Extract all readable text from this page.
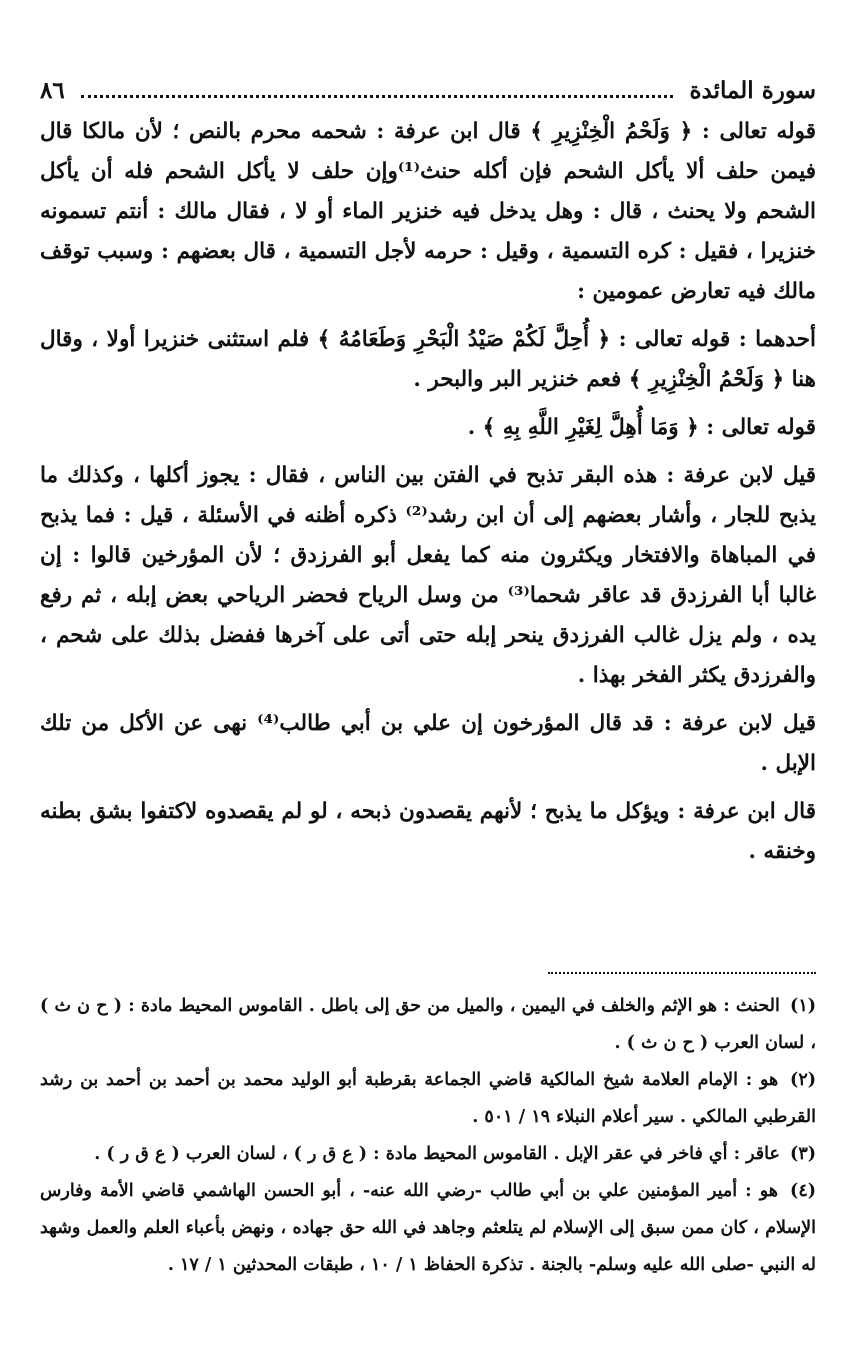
سورة المائدة
٨٦

قوله تعالى : ﴿ وَلَحْمُ الْخِنْزِيرِ ﴾ قال ابن عرفة : شحمه محرم بالنص ؛ لأن مالكا قال فيمن حلف ألا يأكل الشحم فإن أكله حنث⁽¹⁾وإن حلف لا يأكل الشحم فله أن يأكل الشحم ولا يحنث ، قال : وهل يدخل فيه خنزير الماء أو لا ، فقال مالك : أنتم تسمونه خنزيرا ، فقيل : كره التسمية ، وقيل : حرمه لأجل التسمية ، قال بعضهم : وسبب توقف مالك فيه تعارض عمومين :

أحدهما : قوله تعالى : ﴿ أُحِلَّ لَكُمْ صَيْدُ الْبَحْرِ وَطَعَامُهُ ﴾ فلم استثنى خنزيرا أولا ، وقال هنا ﴿ وَلَحْمُ الْخِنْزِيرِ ﴾ فعم خنزير البر والبحر .

قوله تعالى : ﴿ وَمَا أُهِلَّ لِغَيْرِ اللَّهِ بِهِ ﴾ .

قيل لابن عرفة : هذه البقر تذبح في الفتن بين الناس ، فقال : يجوز أكلها ، وكذلك ما يذبح للجار ، وأشار بعضهم إلى أن ابن رشد⁽²⁾ ذكره أظنه في الأسئلة ، قيل : فما يذبح في المباهاة والافتخار ويكثرون منه كما يفعل أبو الفرزدق ؛ لأن المؤرخين قالوا : إن غالبا أبا الفرزدق قد عاقر شحما⁽³⁾ من وسل الرياح فحضر الرياحي بعض إبله ، ثم رفع يده ، ولم يزل غالب الفرزدق ينحر إبله حتى أتى على آخرها ففضل بذلك على شحم ، والفرزدق يكثر الفخر بهذا .

قيل لابن عرفة : قد قال المؤرخون إن علي بن أبي طالب⁽⁴⁾ نهى عن الأكل من تلك الإبل .

قال ابن عرفة : ويؤكل ما يذبح ؛ لأنهم يقصدون ذبحه ، لو لم يقصدوه لاكتفوا بشق بطنه وخنقه .

(١) الحنث : هو الإثم والخلف في اليمين ، والميل من حق إلى باطل . القاموس المحيط مادة : ( ح ن ث ) ، لسان العرب ( ح ن ث ) .

(٢) هو : الإمام العلامة شيخ المالكية قاضي الجماعة بقرطبة أبو الوليد محمد بن أحمد بن أحمد بن رشد القرطبي المالكي . سير أعلام النبلاء ١٩ / ٥٠١ .

(٣) عاقر : أي فاخر في عقر الإبل . القاموس المحيط مادة : ( ع ق ر ) ، لسان العرب ( ع ق ر ) .

(٤) هو : أمير المؤمنين علي بن أبي طالب -رضي الله عنه- ، أبو الحسن الهاشمي قاضي الأمة وفارس الإسلام ، كان ممن سبق إلى الإسلام لم يتلعثم وجاهد في الله حق جهاده ، ونهض بأعباء العلم والعمل وشهد له النبي -صلى الله عليه وسلم- بالجنة . تذكرة الحفاظ ١ / ١٠ ، طبقات المحدثين ١ / ١٧ .
